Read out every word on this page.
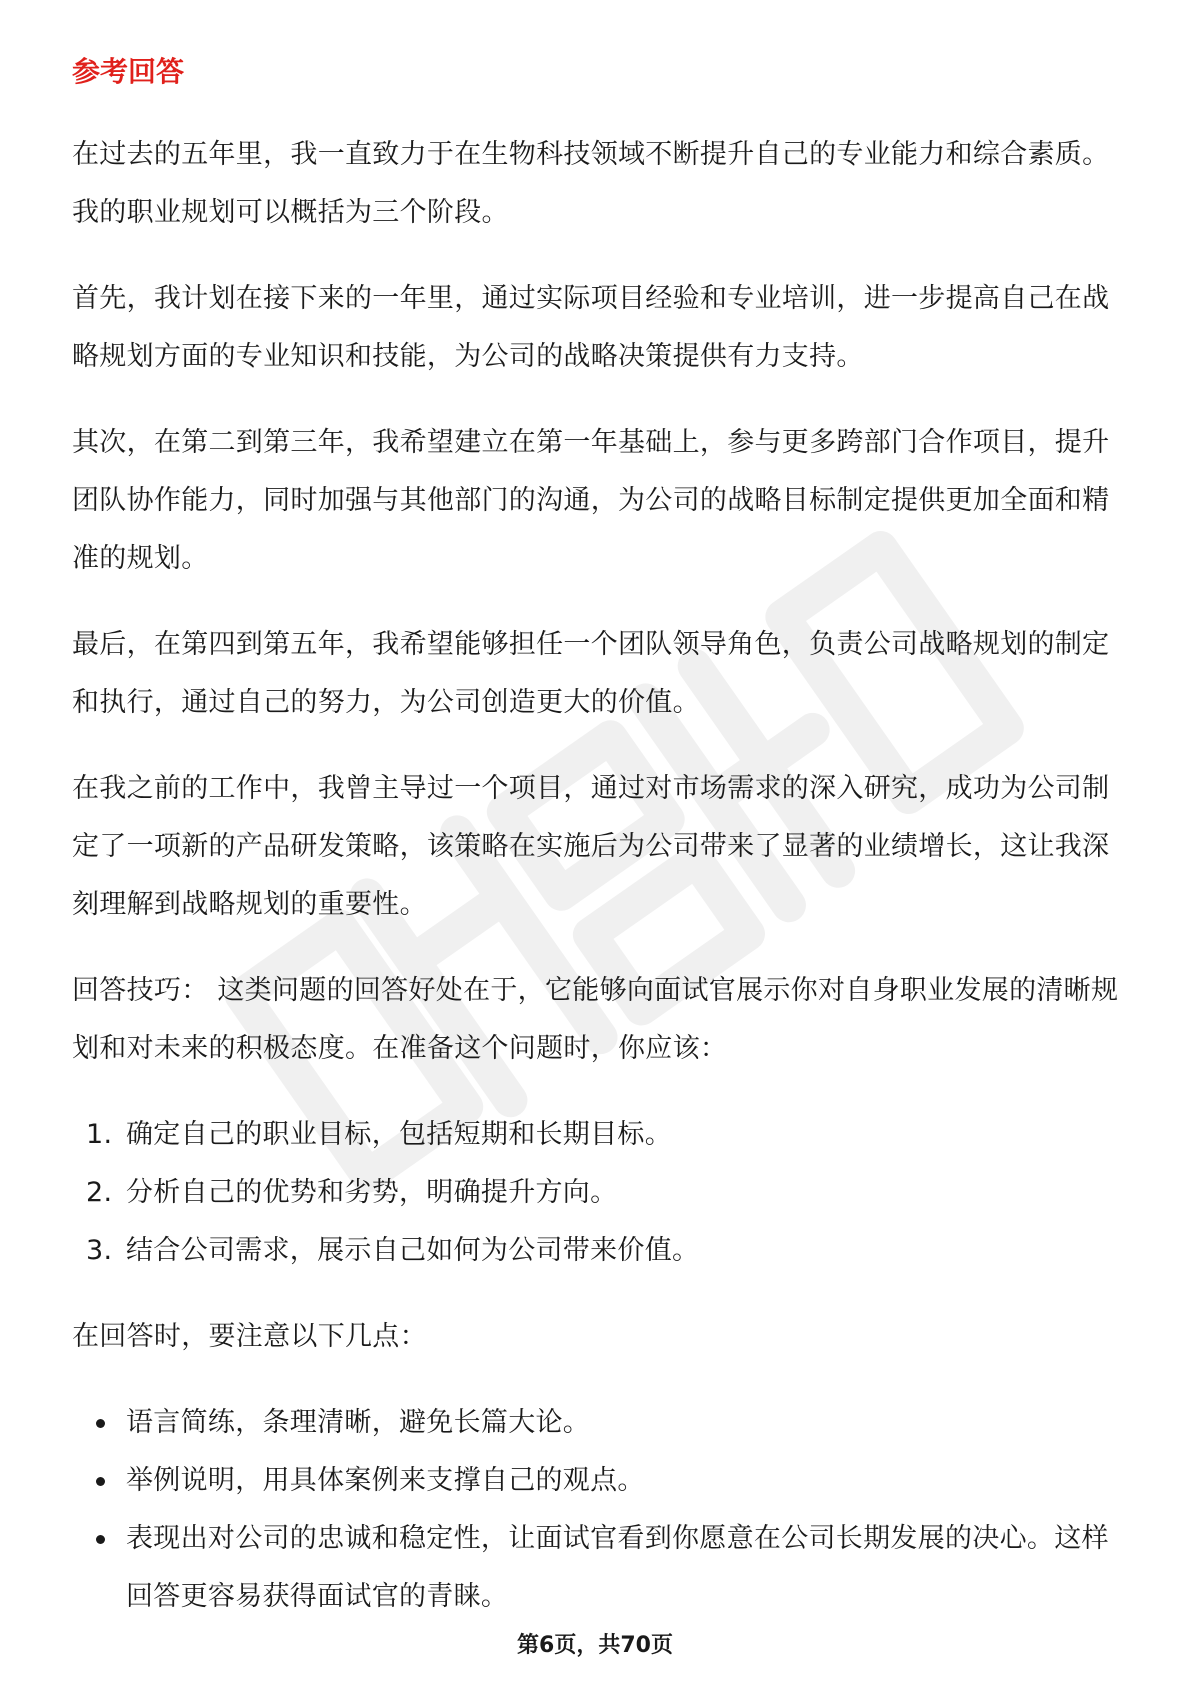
参考回答

在过去的五年里，我一直致力于在生物科技领域不断提升自己的专业能力和综合素质。我的职业规划可以概括为三个阶段。

首先，我计划在接下来的一年里，通过实际项目经验和专业培训，进一步提高自己在战略规划方面的专业知识和技能，为公司的战略决策提供有力支持。

其次，在第二到第三年，我希望建立在第一年基础上，参与更多跨部门合作项目，提升团队协作能力，同时加强与其他部门的沟通，为公司的战略目标制定提供更加全面和精准的规划。

最后，在第四到第五年，我希望能够担任一个团队领导角色，负责公司战略规划的制定和执行，通过自己的努力，为公司创造更大的价值。

在我之前的工作中，我曾主导过一个项目，通过对市场需求的深入研究，成功为公司制定了一项新的产品研发策略，该策略在实施后为公司带来了显著的业绩增长，这让我深刻理解到战略规划的重要性。

回答技巧： 这类问题的回答好处在于，它能够向面试官展示你对自身职业发展的清晰规划和对未来的积极态度。在准备这个问题时，你应该：

1. 确定自己的职业目标，包括短期和长期目标。
2. 分析自己的优势和劣势，明确提升方向。
3. 结合公司需求，展示自己如何为公司带来价值。

在回答时，要注意以下几点：

语言简练，条理清晰，避免长篇大论。
举例说明，用具体案例来支撑自己的观点。
表现出对公司的忠诚和稳定性，让面试官看到你愿意在公司长期发展的决心。这样回答更容易获得面试官的青睐。
第6页，共70页
